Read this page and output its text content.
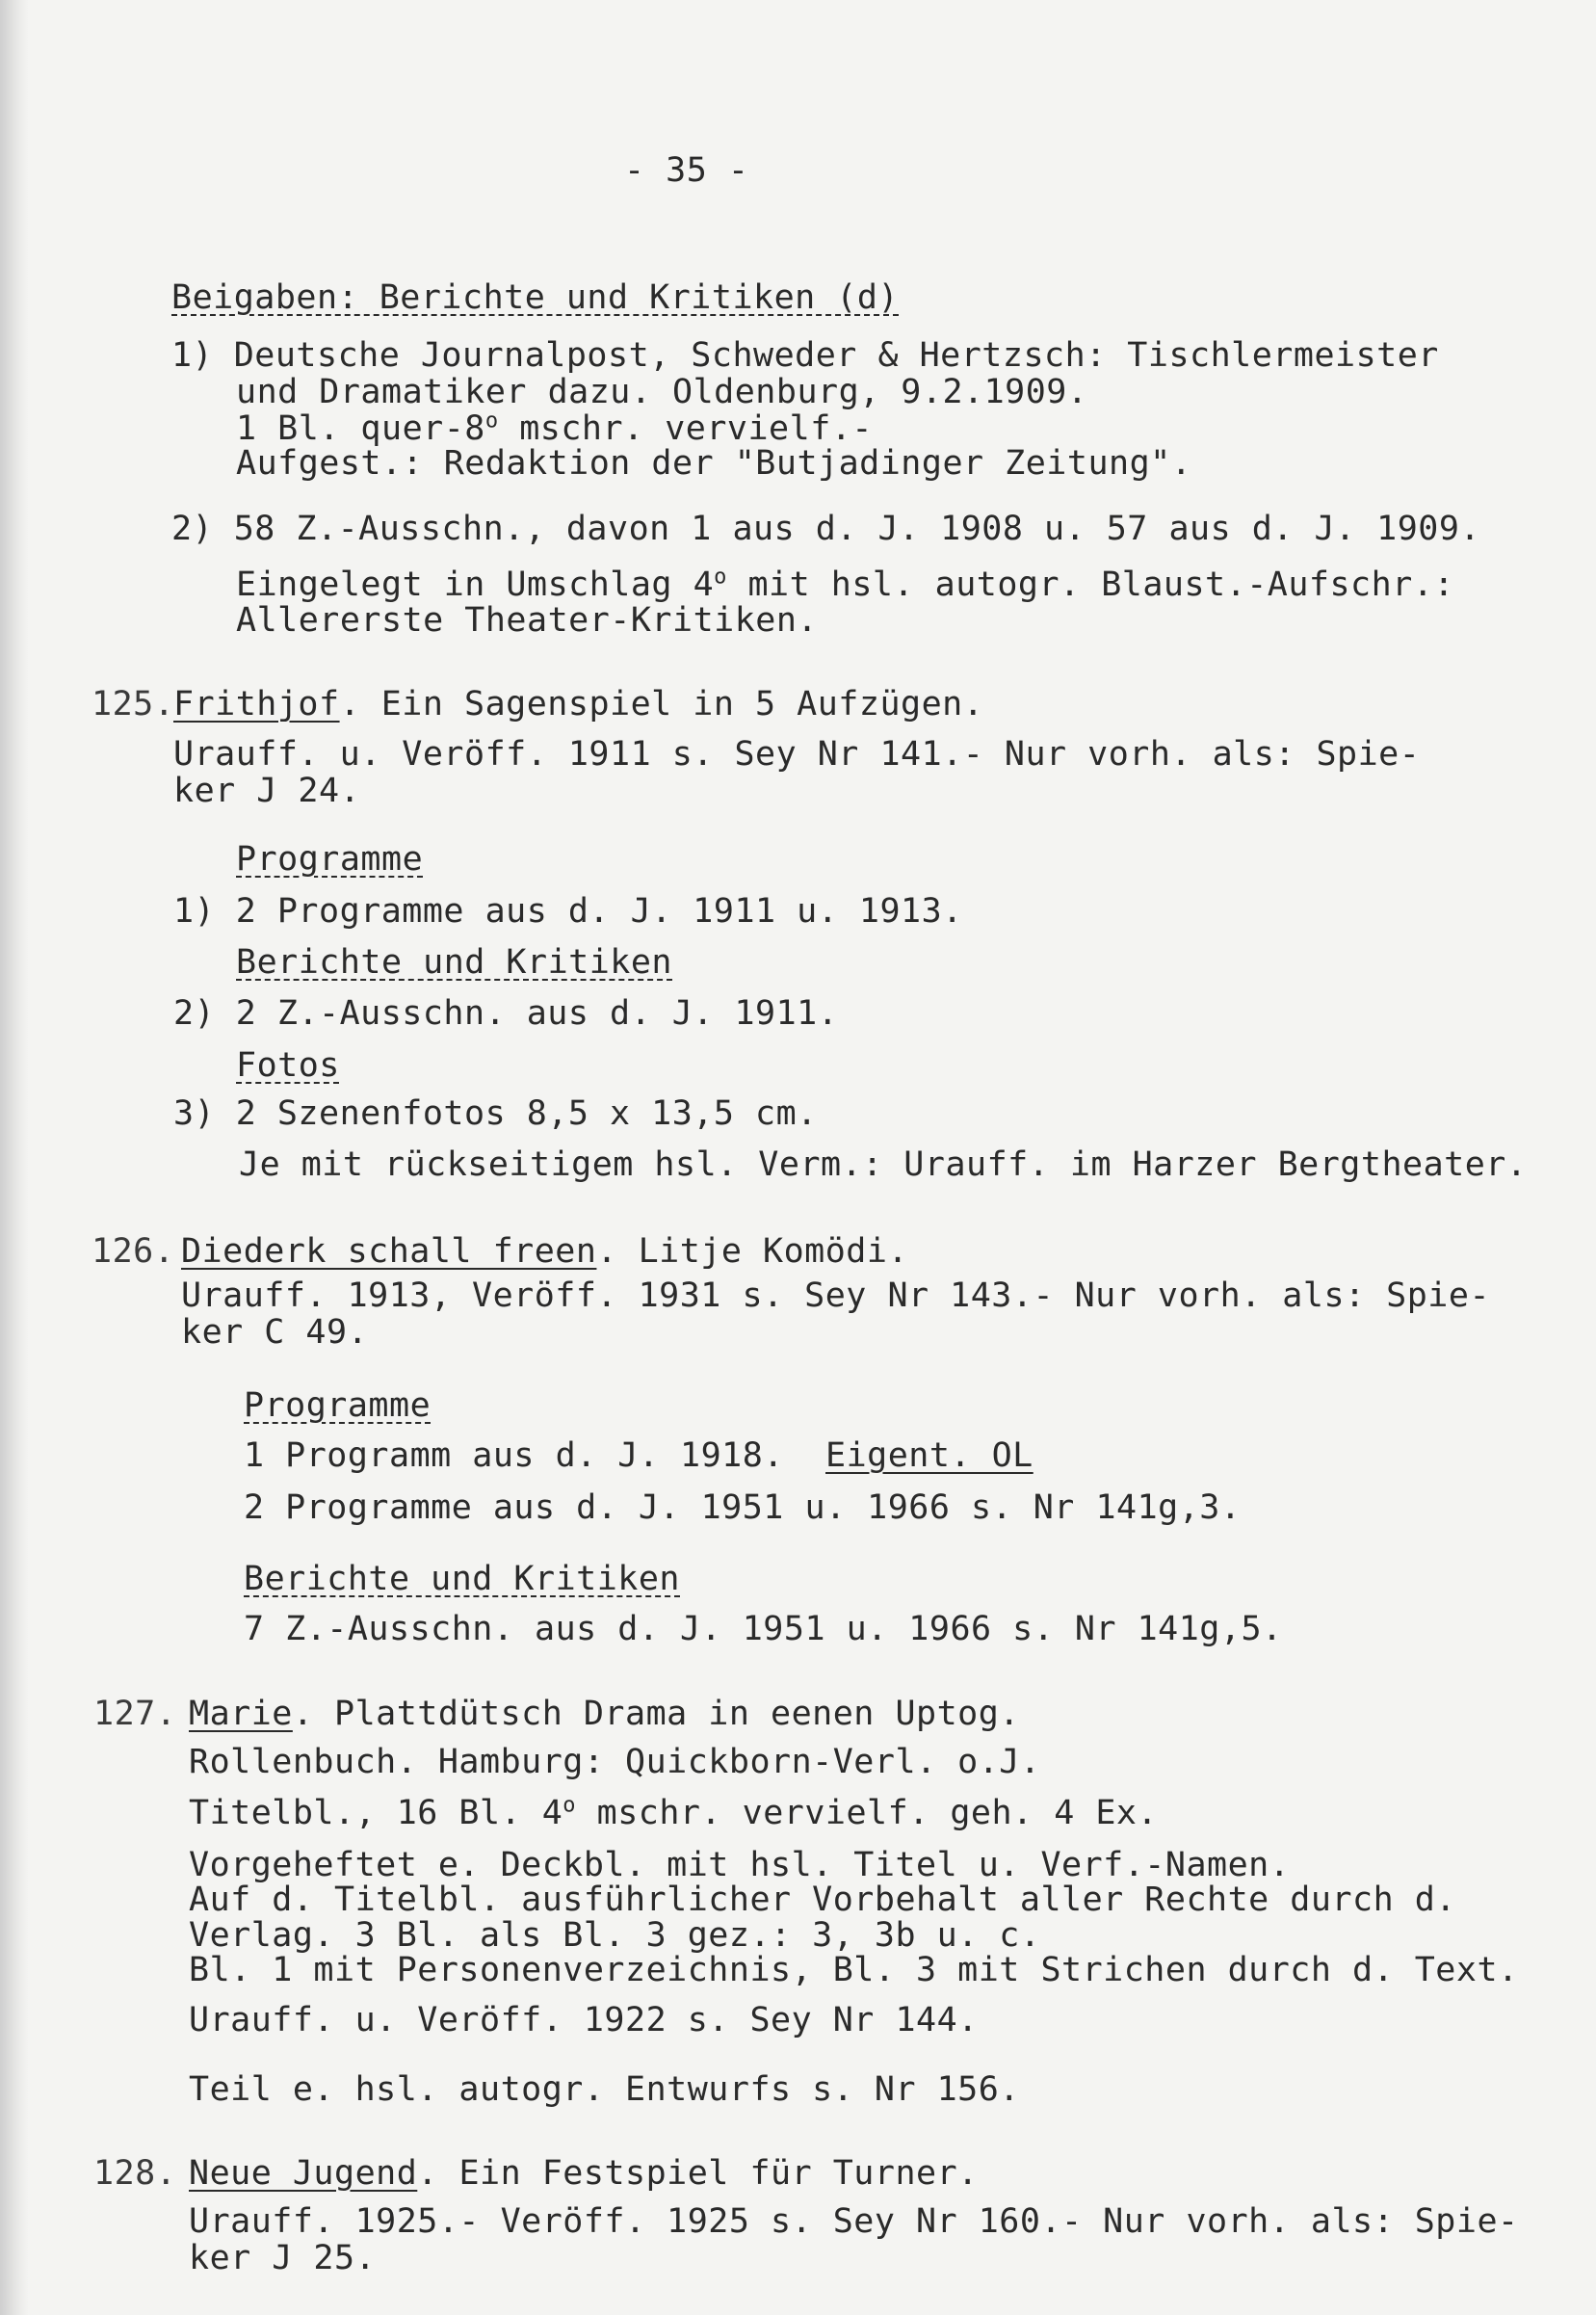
- 35 -
Beigaben: Berichte und Kritiken (d)
1) Deutsche Journalpost, Schweder & Hertzsch: Tischlermeister
und Dramatiker dazu. Oldenburg, 9.2.1909.
1 Bl. quer-8$^o$ mschr. vervielf.-
Aufgest.: Redaktion der "Butjadinger Zeitung".
2) 58 Z.-Ausschn., davon 1 aus d. J. 1908 u. 57 aus d. J. 1909.
Eingelegt in Umschlag 4$^o$ mit hsl. autogr. Blaust.-Aufschr.:
Allererste Theater-Kritiken.
125.
Frithjof. Ein Sagenspiel in 5 Aufzügen.
Urauff. u. Veröff. 1911 s. Sey Nr 141.- Nur vorh. als: Spie-
ker J 24.
Programme
1) 2 Programme aus d. J. 1911 u. 1913.
Berichte und Kritiken
2) 2 Z.-Ausschn. aus d. J. 1911.
Fotos
3) 2 Szenenfotos 8,5 x 13,5 cm.
Je mit rückseitigem hsl. Verm.: Urauff. im Harzer Bergtheater.
126. Diederk schall freen. Litje Komödi.
Urauff. 1913, Veröff. 1931 s. Sey Nr 143.- Nur vorh. als: Spie-
ker C 49.
Programme
1 Programm aus d. J. 1918.  Eigent. OL
2 Programme aus d. J. 1951 u. 1966 s. Nr 141g,3.
Berichte und Kritiken
7 Z.-Ausschn. aus d. J. 1951 u. 1966 s. Nr 141g,5.
127. Marie. Plattdütsch Drama in eenen Uptog.
Rollenbuch. Hamburg: Quickborn-Verl. o.J.
Titelbl., 16 Bl. 4$^o$ mschr. vervielf. geh. 4 Ex.
Vorgeheftet e. Deckbl. mit hsl. Titel u. Verf.-Namen.
Auf d. Titelbl. ausführlicher Vorbehalt aller Rechte durch d.
Verlag. 3 Bl. als Bl. 3 gez.: 3, 3b u. c.
Bl. 1 mit Personenverzeichnis, Bl. 3 mit Strichen durch d. Text.
Urauff. u. Veröff. 1922 s. Sey Nr 144.
Teil e. hsl. autogr. Entwurfs s. Nr 156.
128. Neue Jugend. Ein Festspiel für Turner.
Urauff. 1925.- Veröff. 1925 s. Sey Nr 160.- Nur vorh. als: Spie-
ker J 25.
